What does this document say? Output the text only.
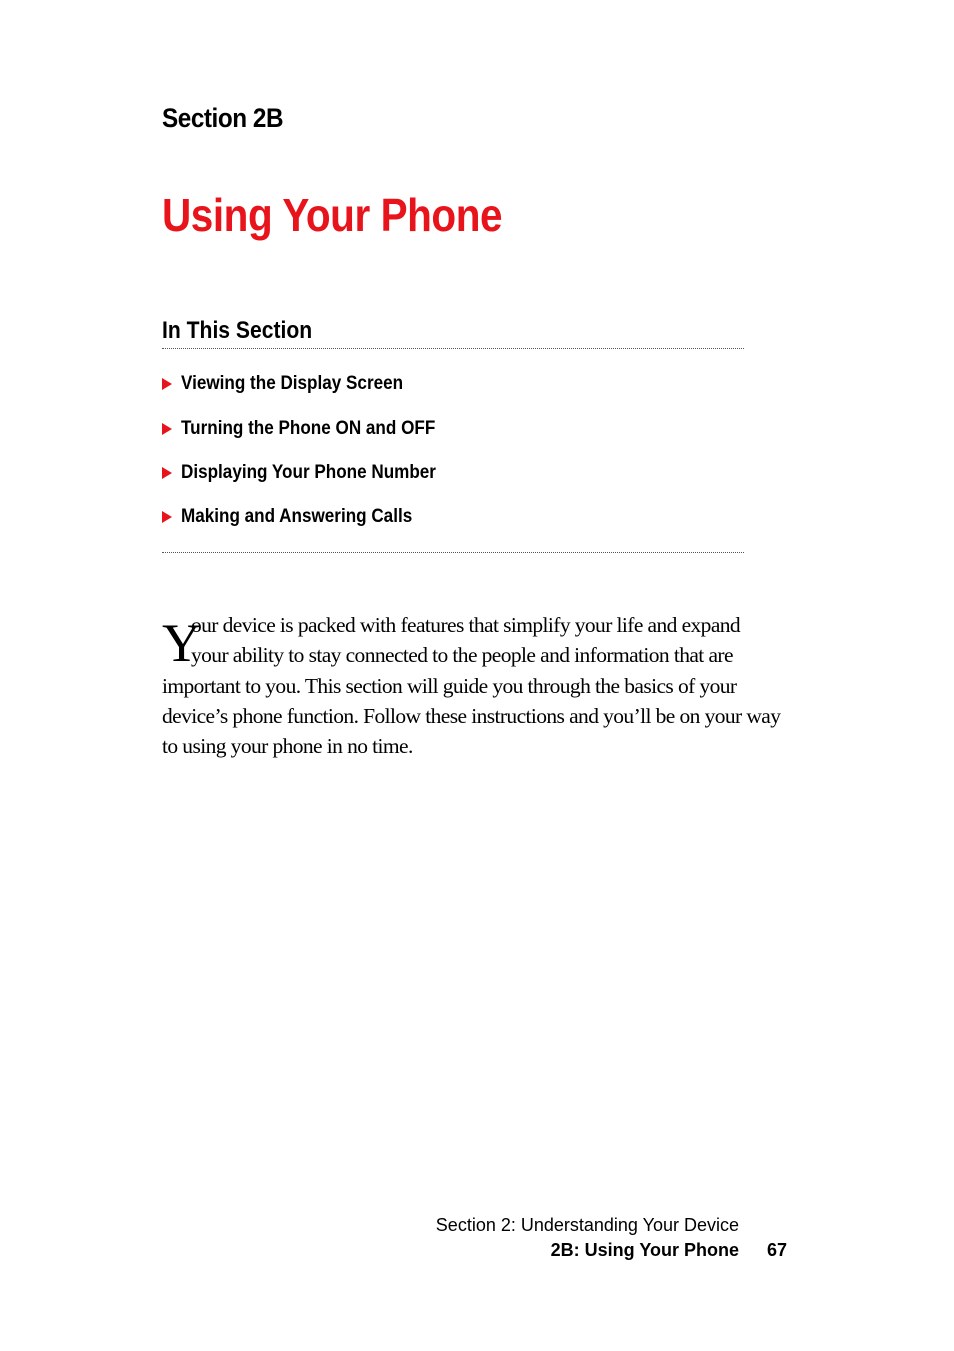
Section 2B
Using Your Phone
In This Section
Viewing the Display Screen
Turning the Phone ON and OFF
Displaying Your Phone Number
Making and Answering Calls
Y
our device is packed with features that simplify your life and expand
your ability to stay connected to the people and information that are
important to you. This section will guide you through the basics of your
device’s phone function. Follow these instructions and you’ll be on your way
to using your phone in no time.
Section 2: Understanding Your Device
2B: Using Your Phone 67
